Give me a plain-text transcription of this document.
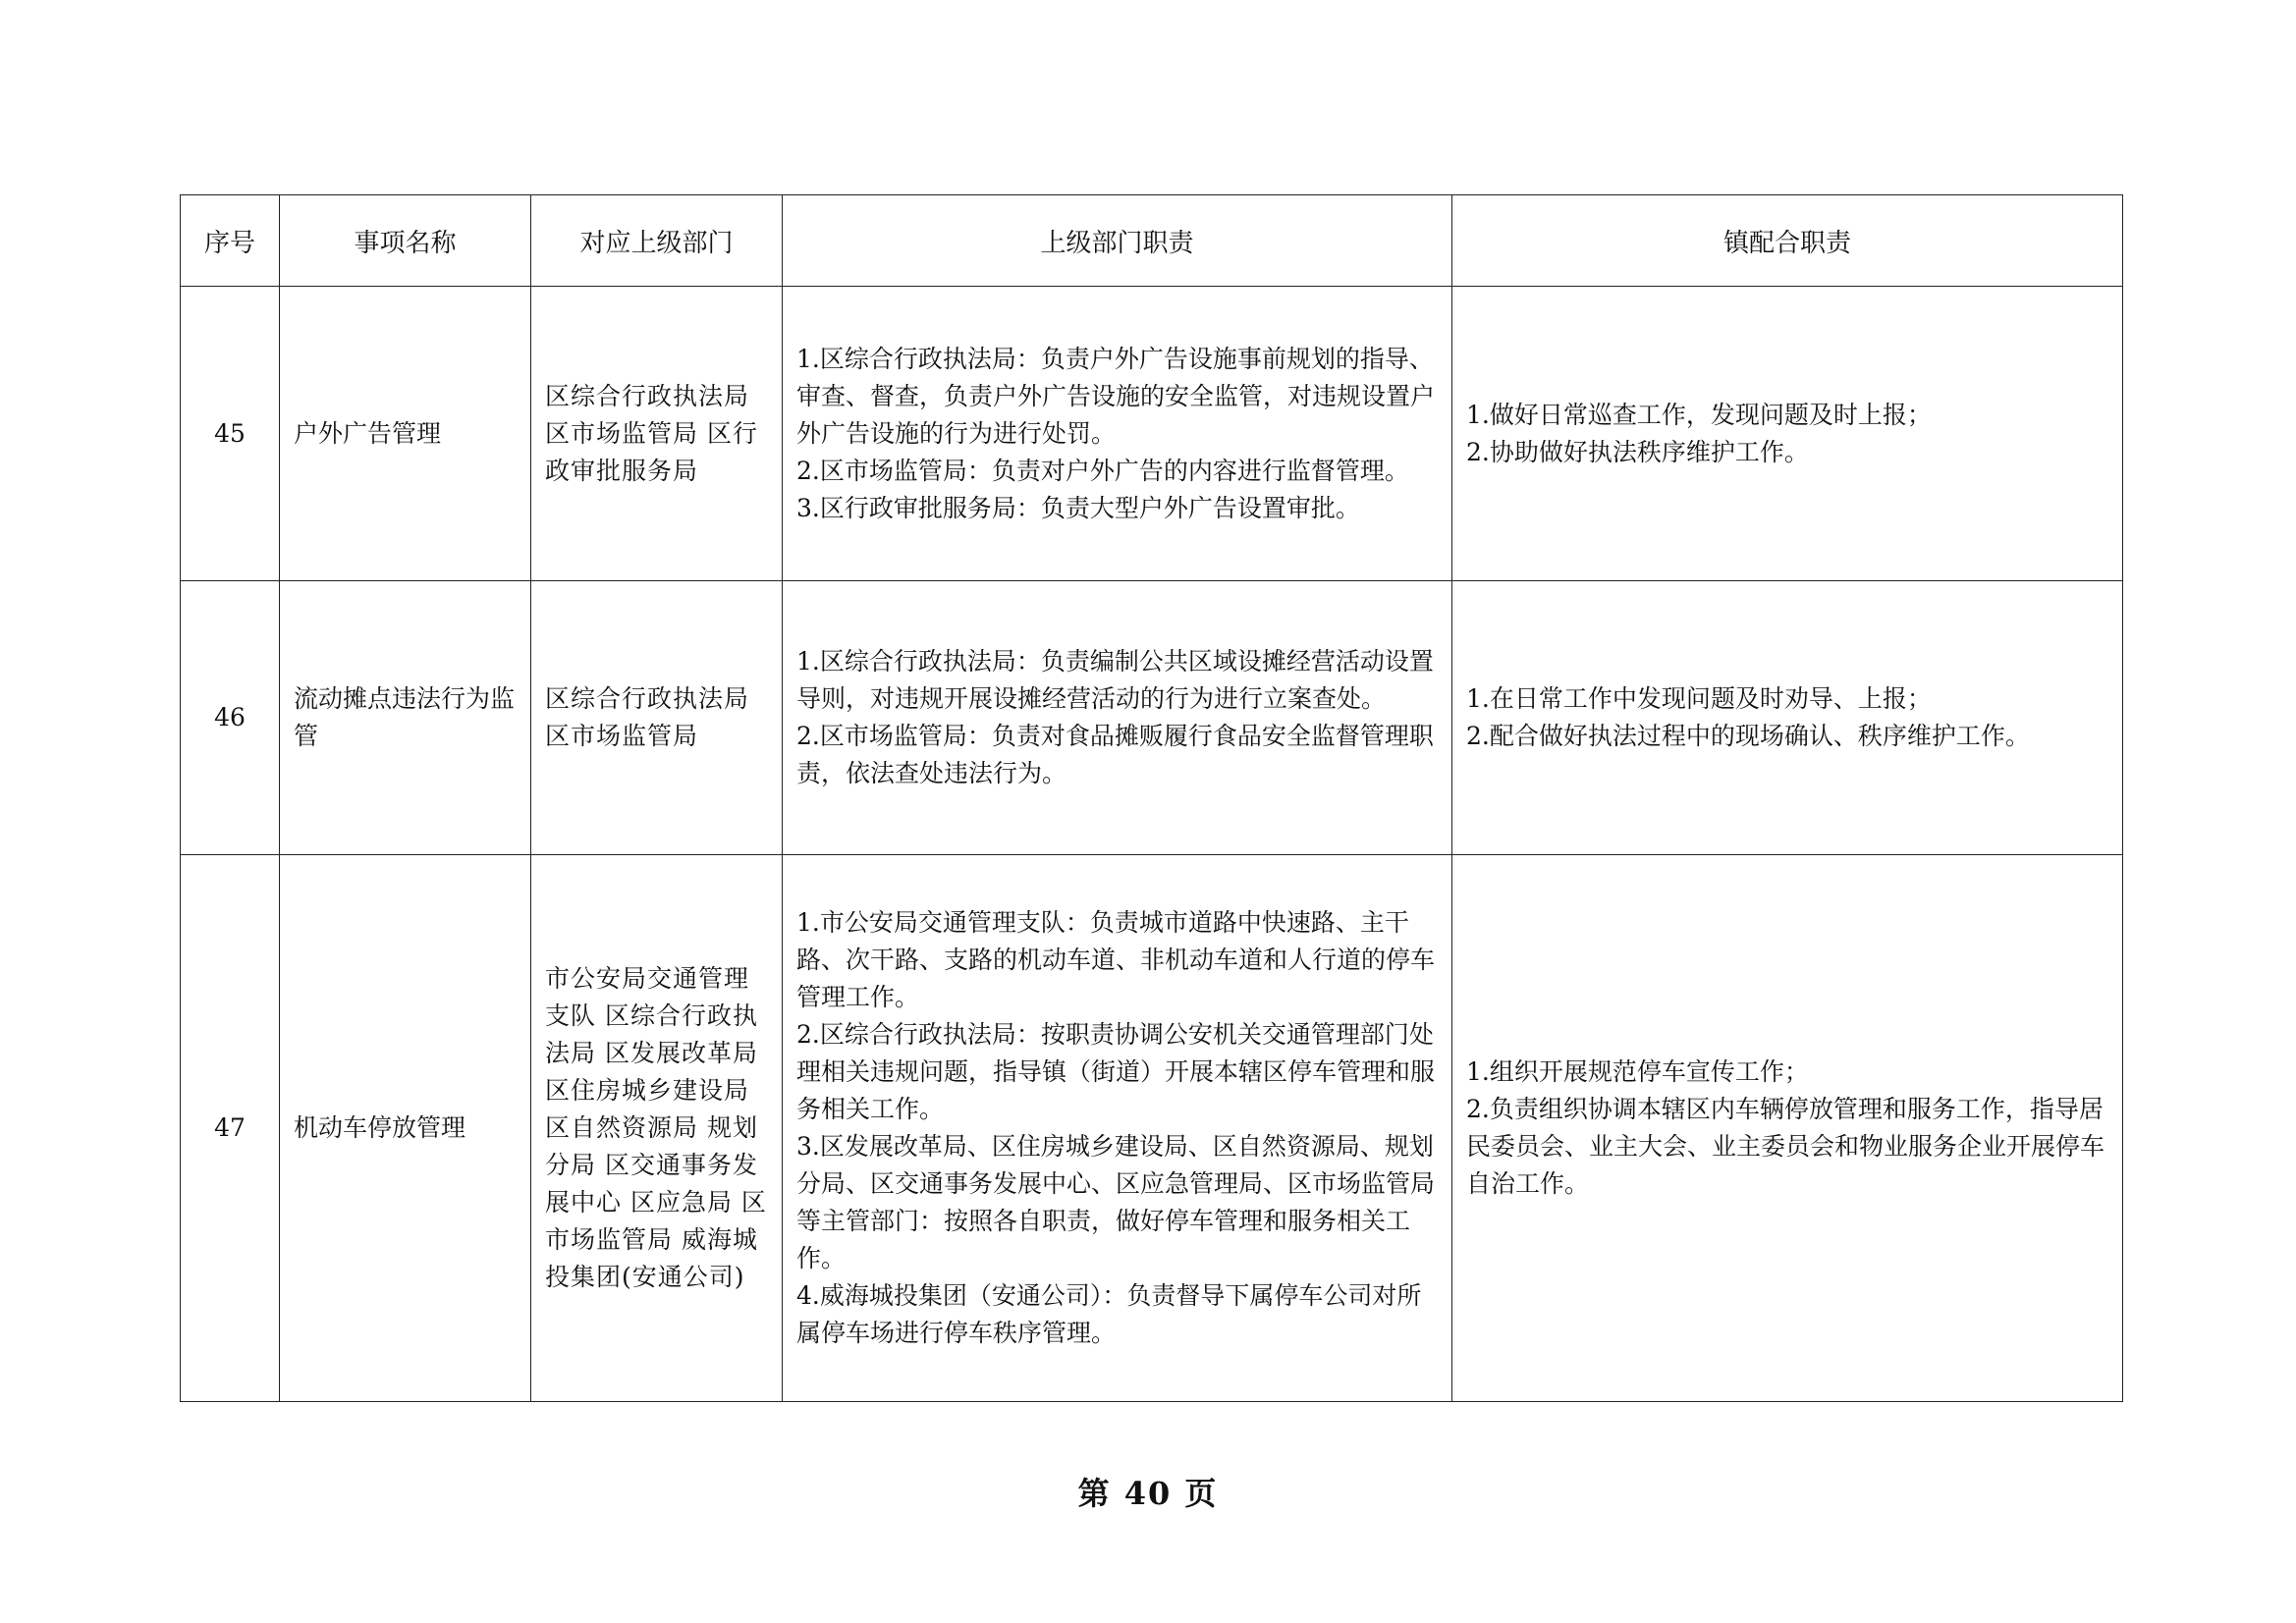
序号	事项名称	对应上级部门	上级部门职责	镇配合职责
45	户外广告管理	区综合行政执法局 区市场监管局 区行政审批服务局	1.区综合行政执法局：负责户外广告设施事前规划的指导、审查、督查，负责户外广告设施的安全监管，对违规设置户外广告设施的行为进行处罚。
2.区市场监管局：负责对户外广告的内容进行监督管理。
3.区行政审批服务局：负责大型户外广告设置审批。	1.做好日常巡查工作，发现问题及时上报；
2.协助做好执法秩序维护工作。

46	流动摊点违法行为监管	区综合行政执法局 区市场监管局	1.区综合行政执法局：负责编制公共区域设摊经营活动设置导则，对违规开展设摊经营活动的行为进行立案查处。
2.区市场监管局：负责对食品摊贩履行食品安全监督管理职责，依法查处违法行为。	1.在日常工作中发现问题及时劝导、上报；
2.配合做好执法过程中的现场确认、秩序维护工作。

47	机动车停放管理	市公安局交通管理支队 区综合行政执法局 区发展改革局 区住房城乡建设局 区自然资源局 规划分局 区交通事务发展中心 区应急局 区市场监管局 威海城投集团(安通公司)	1.市公安局交通管理支队：负责城市道路中快速路、主干路、次干路、支路的机动车道、非机动车道和人行道的停车管理工作。
2.区综合行政执法局：按职责协调公安机关交通管理部门处理相关违规问题，指导镇（街道）开展本辖区停车管理和服务相关工作。
3.区发展改革局、区住房城乡建设局、区自然资源局、规划分局、区交通事务发展中心、区应急管理局、区市场监管局等主管部门：按照各自职责，做好停车管理和服务相关工作。
4.威海城投集团（安通公司）：负责督导下属停车公司对所属停车场进行停车秩序管理。	1.组织开展规范停车宣传工作；
2.负责组织协调本辖区内车辆停放管理和服务工作，指导居民委员会、业主大会、业主委员会和物业服务企业开展停车自治工作。
第 40 页
